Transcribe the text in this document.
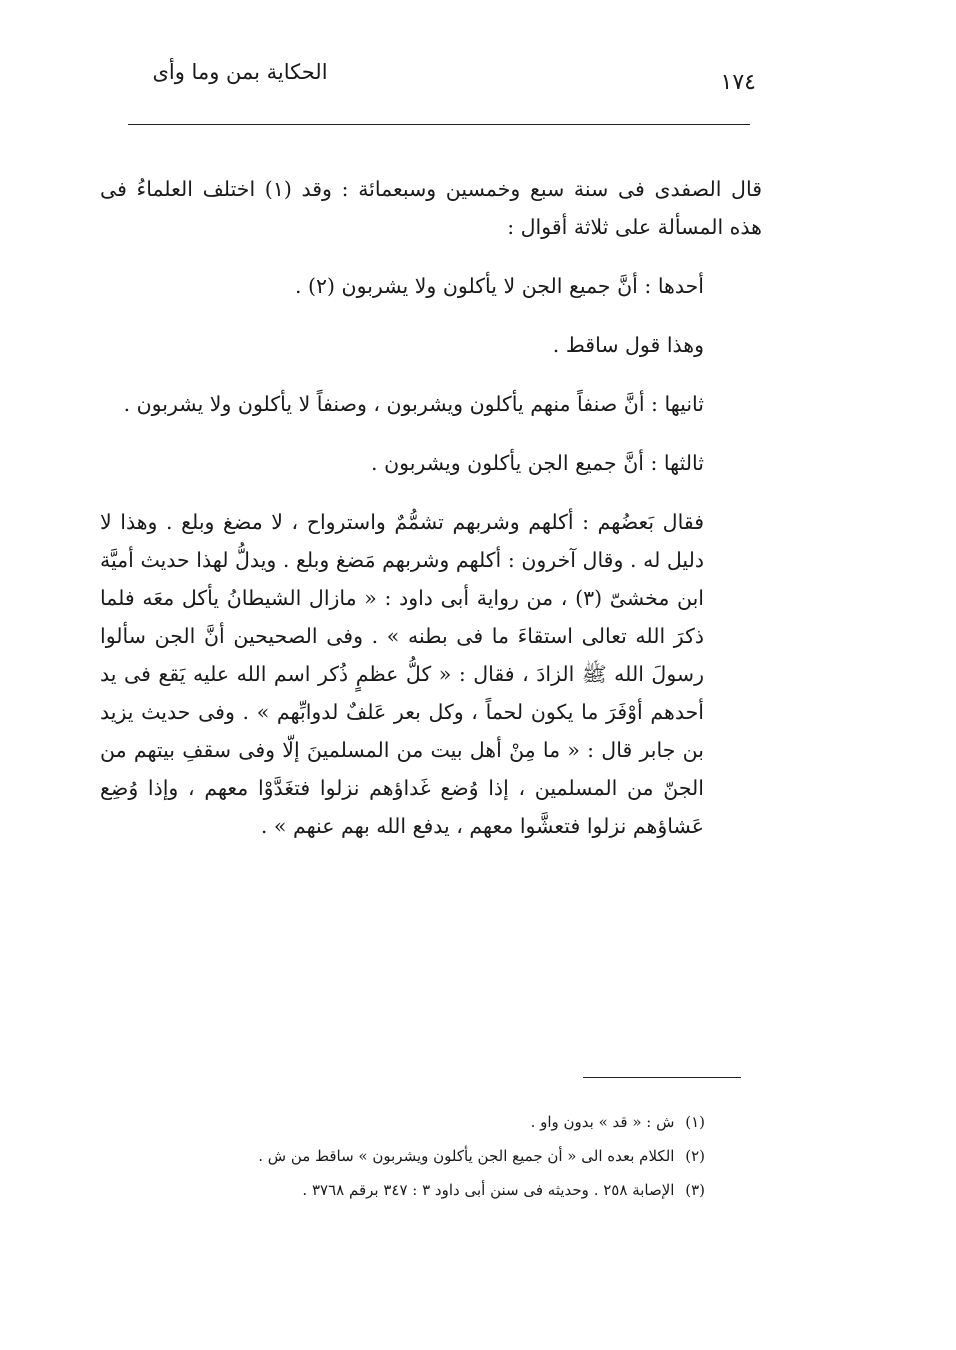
١٧٤
الحكاية بمن وما وأى

قال الصفدى فى سنة سبع وخمسين وسبعمائة : وقد (١) اختلف العلماءُ فى هذه المسألة على ثلاثة أقوال :

أحدها : أنَّ جميع الجن لا يأكلون ولا يشربون (٢) .

وهذا قول ساقط .

ثانيها : أنَّ صنفاً منهم يأكلون ويشربون ، وصنفاً لا يأكلون ولا يشربون .

ثالثها : أنَّ جميع الجن يأكلون ويشربون .

فقال بَعضُهم : أكلهم وشربهم تشمُّمٌ واسترواح ، لا مضغ وبلع . وهذا لا دليل له . وقال آخرون : أكلهم وشربهم مَضغ وبلع . ويدلُّ لهذا حديث أميَّة ابن مخشىّ (٣) ، من رواية أبى داود : « مازال الشيطانُ يأكل معَه فلما ذكرَ الله تعالى استقاءَ ما فى بطنه » . وفى الصحيحين أنَّ الجن سألوا رسولَ الله ﷺ الزادَ ، فقال : « كلُّ عظمٍ ذُكر اسم الله عليه يَقع فى يد أحدهم أوْفَرَ ما يكون لحماً ، وكل بعر عَلفٌ لدوابِّهم » . وفى حديث يزيد بن جابر قال : « ما مِنْ أهل بيت من المسلمينَ إلّا وفى سقفِ بيتهم من الجنّ من المسلمين ، إذا وُضع غَداؤهم نزلوا فتغَدَّوْا معهم ، وإذا وُضِع عَشاؤهم نزلوا فتعشَّوا معهم ، يدفع الله بهم عنهم » .

(١) ش : « قد » بدون واو .

(٢) الكلام بعده الى « أن جميع الجن يأكلون ويشربون » ساقط من ش .

(٣) الإصابة ٢٥٨ . وحديثه فى سنن أبى داود ٣ : ٣٤٧ برقم ٣٧٦٨ .
